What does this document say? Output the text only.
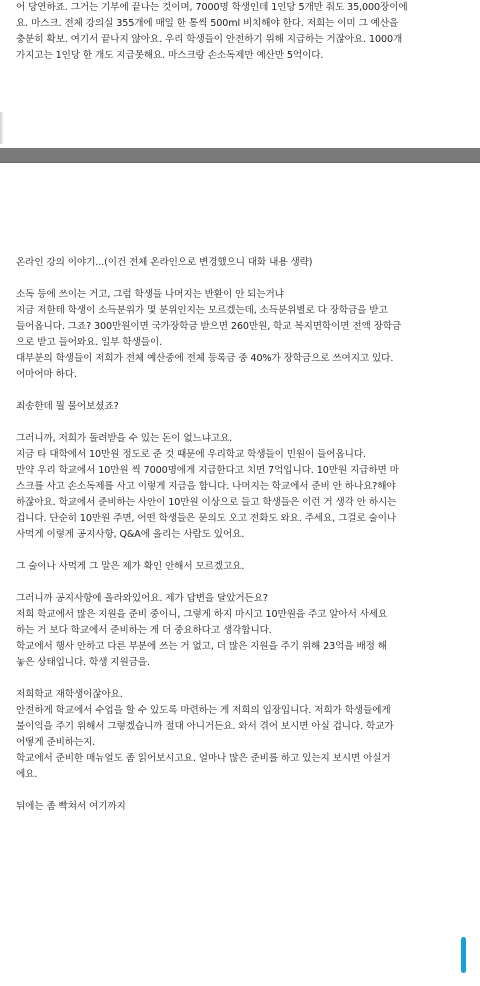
어 당연하죠. 그거는 기부에 끝나는 것이며, 7000명 학생인데 1인당 5개만 줘도 35,000장이에

요. 마스크. 전체 강의실 355개에 매일 한 통씩 500ml 비치해야 한다. 저희는 이미 그 예산을

충분히 확보. 여기서 끝나지 않아요. 우리 학생들이 안전하기 위해 지급하는 거잖아요. 1000개

가지고는 1인당 한 개도 지급못해요. 마스크랑 손소독제만 예산만 5억이다.

온라인 강의 이야기...(이건 전체 온라인으로 변경했으니 대화 내용 생략)

소독 등에 쓰이는 거고, 그럼 학생들 나머지는 반환이 안 되는거냐

지금 저한테 학생이 소득분위가 몇 분위인지는 모르겠는데, 소득분위별로 다 장학금을 받고

들어옵니다. 그죠? 300만원이면 국가장학금 받으면 260만원, 학교 복지면학이면 전액 장학금

으로 받고 들어와요. 일부 학생들이.

대부분의 학생들이 저희가 전체 예산중에 전체 등록금 중 40%가 장학금으로 쓰여지고 있다.

어마어마 하다.

죄송한데 뭘 물어보셨죠?

그러니까, 저희가 돌려받을 수 있는 돈이 없느냐고요.

지금 타 대학에서 10만원 정도로 준 것 때문에 우리학교 학생들이 민원이 들어옵니다.

만약 우리 학교에서 10만원 씩 7000명에게 지급한다고 치면 7억입니다. 10만원 지급하면 마

스크를 사고 손소독제를 사고 이렇게 지급을 합니다. 나머지는 학교에서 준비 안 하나요?해야

하잖아요. 학교에서 준비하는 사안이 10만원 이상으로 들고 학생들은 이런 거 생각 안 하시는

겁니다. 단순히 10만원 주면, 어떤 학생들은 문의도 오고 전화도 와요. 주세요, 그걸로 술이나

사먹게 이렇게 공지사항, Q&A에 올리는 사람도 있어요.

그 술이나 사먹게 그 말은 제가 확인 안해서 모르겠고요.

그러니까 공지사항에 올라와있어요. 제가 답변을 달았거든요?

저희 학교에서 많은 지원을 준비 중이니, 그렇게 하지 마시고 10만원을 주고 알아서 사세요

하는 거 보다 학교에서 준비하는 게 더 중요하다고 생각합니다.

학교에서 행사 안하고 다른 부분에 쓰는 거 없고, 더 많은 지원을 주기 위해 23억을 배정 해

놓은 상태입니다. 학생 지원금을.

저희학교 재학생이잖아요.

안전하게 학교에서 수업을 할 수 있도록 마련하는 게 저희의 입장입니다. 저희가 학생들에게

불이익을 주기 위해서 그렇겠습니까 절대 아니거든요. 와서 겪어 보시면 아실 겁니다. 학교가

어떻게 준비하는지.

학교에서 준비한 매뉴얼도 좀 읽어보시고요. 얼마나 많은 준비를 하고 있는지 보시면 아실거

에요.

뒤에는 좀 빡쳐서 여기까지
